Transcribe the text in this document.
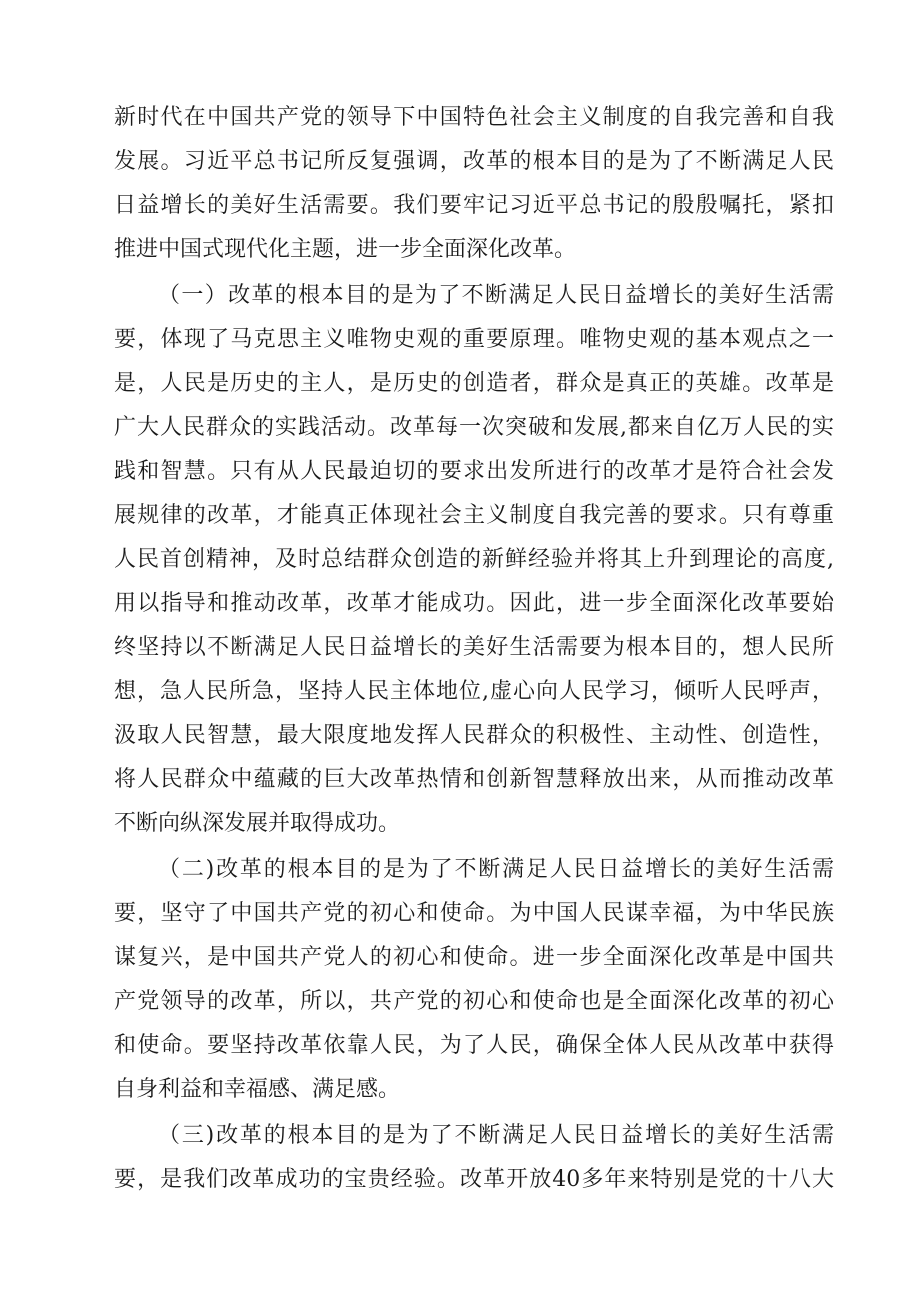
新时代在中国共产党的领导下中国特色社会主义制度的自我完善和自我
发展。习近平总书记所反复强调，改革的根本目的是为了不断满足人民
日益增长的美好生活需要。我们要牢记习近平总书记的殷殷嘱托，紧扣
推进中国式现代化主题，进一步全面深化改革。
（一）改革的根本目的是为了不断满足人民日益增长的美好生活需
要，体现了马克思主义唯物史观的重要原理。唯物史观的基本观点之一
是，人民是历史的主人，是历史的创造者，群众是真正的英雄。改革是
广大人民群众的实践活动。改革每一次突破和发展,都来自亿万人民的实
践和智慧。只有从人民最迫切的要求出发所进行的改革才是符合社会发
展规律的改革，才能真正体现社会主义制度自我完善的要求。只有尊重
人民首创精神，及时总结群众创造的新鲜经验并将其上升到理论的高度,
用以指导和推动改革，改革才能成功。因此，进一步全面深化改革要始
终坚持以不断满足人民日益增长的美好生活需要为根本目的，想人民所
想，急人民所急，坚持人民主体地位,虚心向人民学习，倾听人民呼声，
汲取人民智慧，最大限度地发挥人民群众的积极性、主动性、创造性，
将人民群众中蕴藏的巨大改革热情和创新智慧释放出来，从而推动改革
不断向纵深发展并取得成功。
（二)改革的根本目的是为了不断满足人民日益增长的美好生活需
要，坚守了中国共产党的初心和使命。为中国人民谋幸福，为中华民族
谋复兴，是中国共产党人的初心和使命。进一步全面深化改革是中国共
产党领导的改革，所以，共产党的初心和使命也是全面深化改革的初心
和使命。要坚持改革依靠人民，为了人民，确保全体人民从改革中获得
自身利益和幸福感、满足感。
（三)改革的根本目的是为了不断满足人民日益增长的美好生活需
要，是我们改革成功的宝贵经验。改革开放40多年来特别是党的十八大
